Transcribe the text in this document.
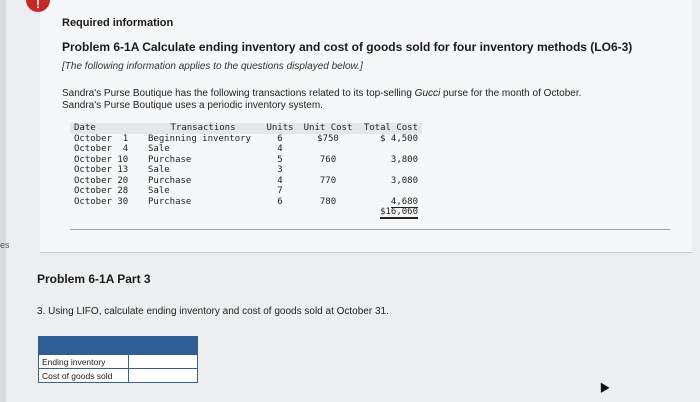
es
Required information
Problem 6-1A Calculate ending inventory and cost of goods sold for four inventory methods (LO6-3)
[The following information applies to the questions displayed below.]
Sandra's Purse Boutique has the following transactions related to its top-selling Gucci purse for the month of October.
Sandra's Purse Boutique uses a periodic inventory system.
Date	Transactions	Units	Unit Cost	Total Cost
October  1	Beginning inventory	6	$750	$ 4,500
October  4	Sale	4		
October 10	Purchase	5	760	3,800
October 13	Sale	3		
October 20	Purchase	4	770	3,080
October 28	Sale	7		
October 30	Purchase	6	780	4,680
				$16,060
!
Problem 6-1A Part 3
3. Using LIFO, calculate ending inventory and cost of goods sold at October 31.

Ending inventory	
Cost of goods sold	
